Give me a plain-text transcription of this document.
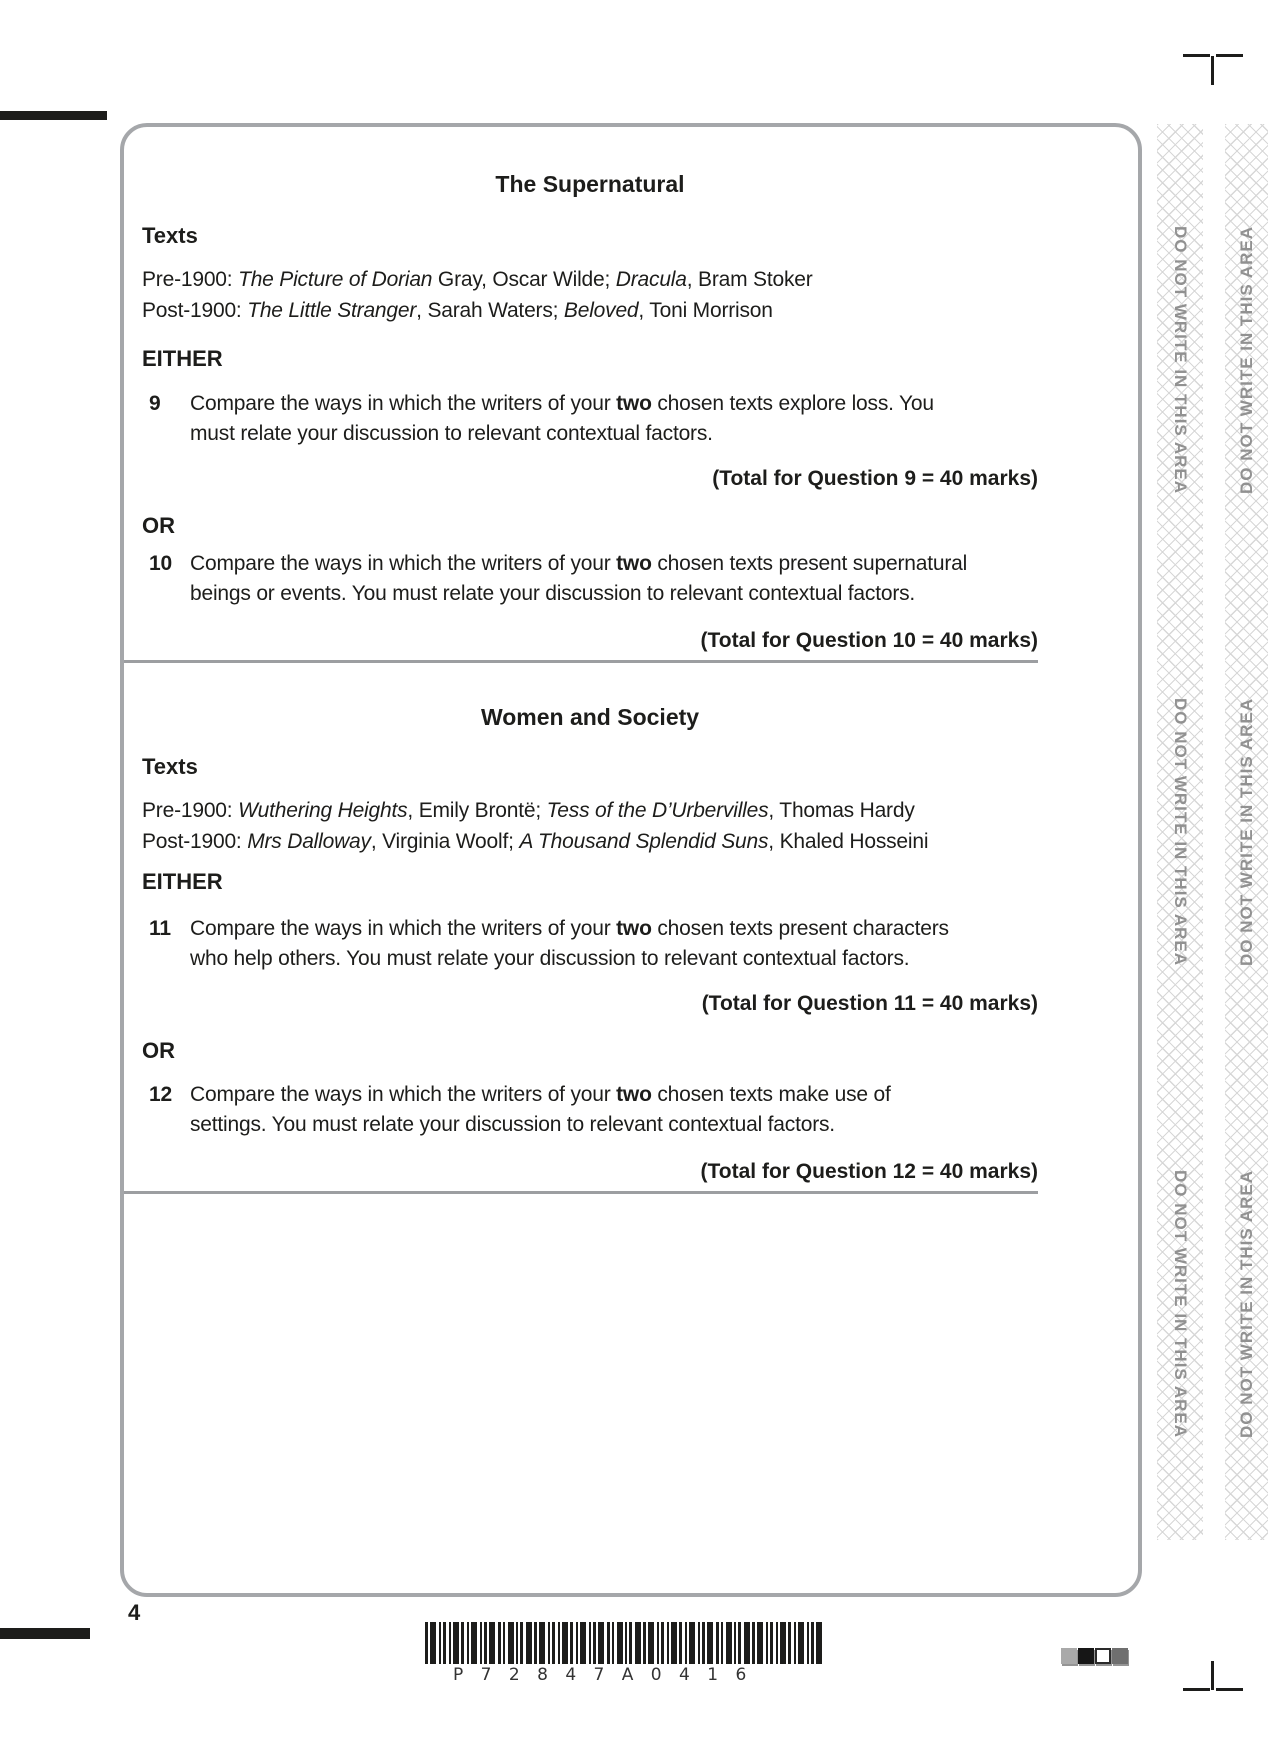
The Supernatural
Texts
Pre-1900: The Picture of Dorian Gray, Oscar Wilde; Dracula, Bram Stoker
Post-1900: The Little Stranger, Sarah Waters; Beloved, Toni Morrison
EITHER
9	Compare the ways in which the writers of your two chosen texts explore loss. You
must relate your discussion to relevant contextual factors.
(Total for Question 9 = 40 marks)
OR
10 Compare the ways in which the writers of your two chosen texts present supernatural
beings or events. You must relate your discussion to relevant contextual factors.
(Total for Question 10 = 40 marks)
Women and Society
Texts
Pre-1900: Wuthering Heights, Emily Brontë; Tess of the D’Urbervilles, Thomas Hardy
Post-1900: Mrs Dalloway, Virginia Woolf; A Thousand Splendid Suns, Khaled Hosseini
EITHER
11 Compare the ways in which the writers of your two chosen texts present characters
who help others. You must relate your discussion to relevant contextual factors.
(Total for Question 11 = 40 marks)
OR
12 Compare the ways in which the writers of your two chosen texts make use of
settings. You must relate your discussion to relevant contextual factors.
(Total for Question 12 = 40 marks)
DO NOT WRITE IN THIS AREA
DO NOT WRITE IN THIS AREA
DO NOT WRITE IN THIS AREA
DO NOT WRITE IN THIS AREA
DO NOT WRITE IN THIS AREA
DO NOT WRITE IN THIS AREA
4
P 7 2 8 4 7 A 0 4 1 6
